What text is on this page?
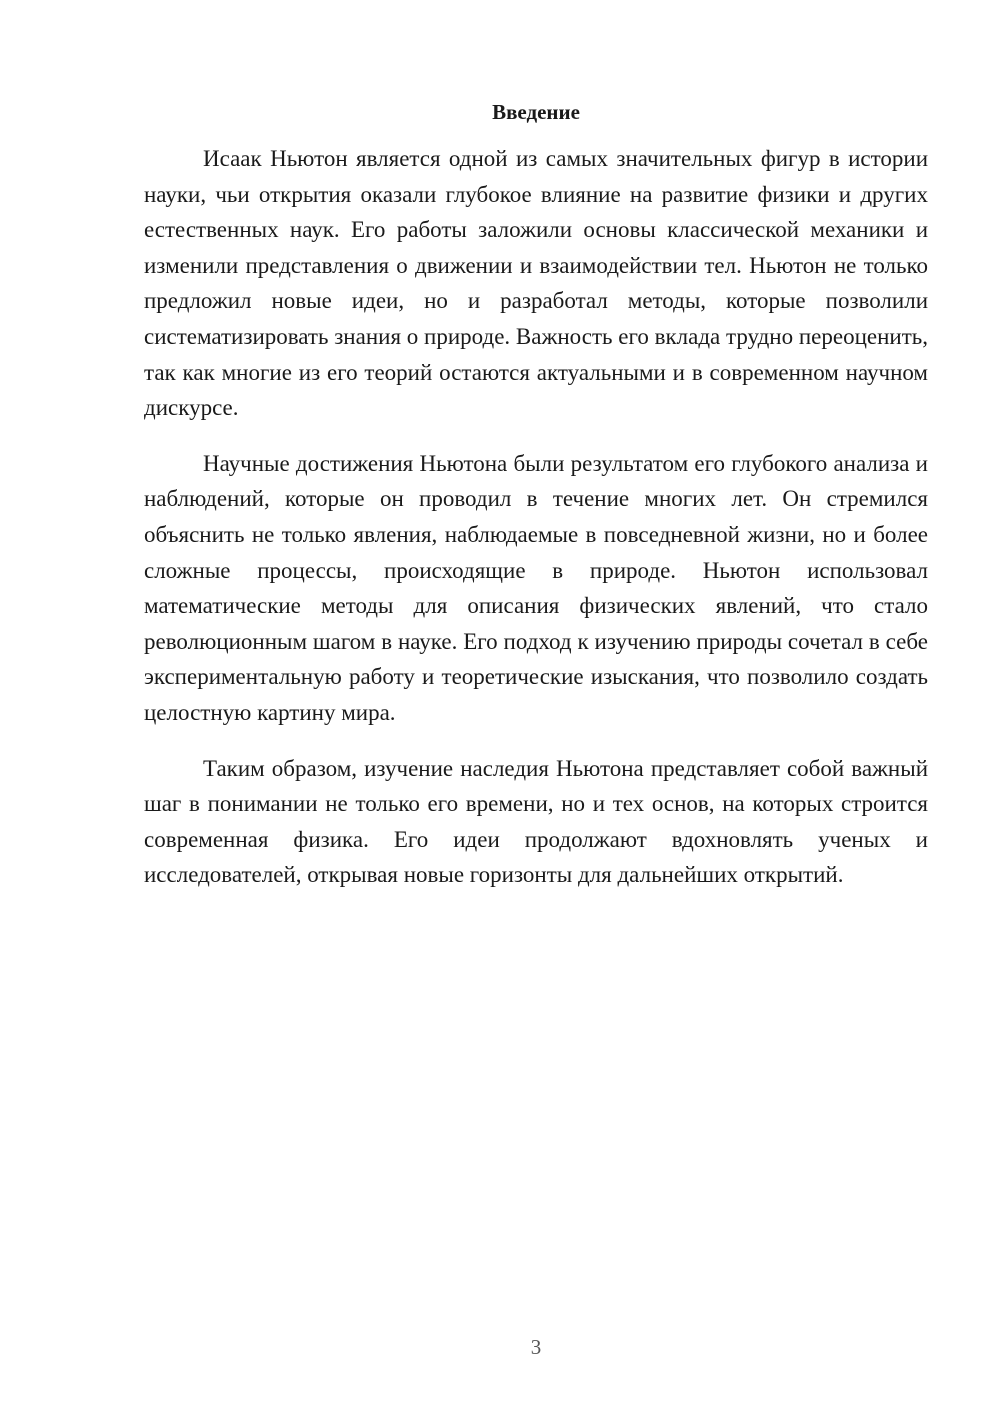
Введение

Исаак Ньютон является одной из самых значительных фигур в истории науки, чьи открытия оказали глубокое влияние на развитие физики и других естественных наук. Его работы заложили основы классической механики и изменили представления о движении и взаимодействии тел. Ньютон не только предложил новые идеи, но и разработал методы, которые позволили систематизировать знания о природе. Важность его вклада трудно переоценить, так как многие из его теорий остаются актуальными и в современном научном дискурсе.

Научные достижения Ньютона были результатом его глубокого анализа и наблюдений, которые он проводил в течение многих лет. Он стремился объяснить не только явления, наблюдаемые в повседневной жизни, но и более сложные процессы, происходящие в природе. Ньютон использовал математические методы для описания физических явлений, что стало революционным шагом в науке. Его подход к изучению природы сочетал в себе экспериментальную работу и теоретические изыскания, что позволило создать целостную картину мира.

Таким образом, изучение наследия Ньютона представляет собой важный шаг в понимании не только его времени, но и тех основ, на которых строится современная физика. Его идеи продолжают вдохновлять ученых и исследователей, открывая новые горизонты для дальнейших открытий.

3
